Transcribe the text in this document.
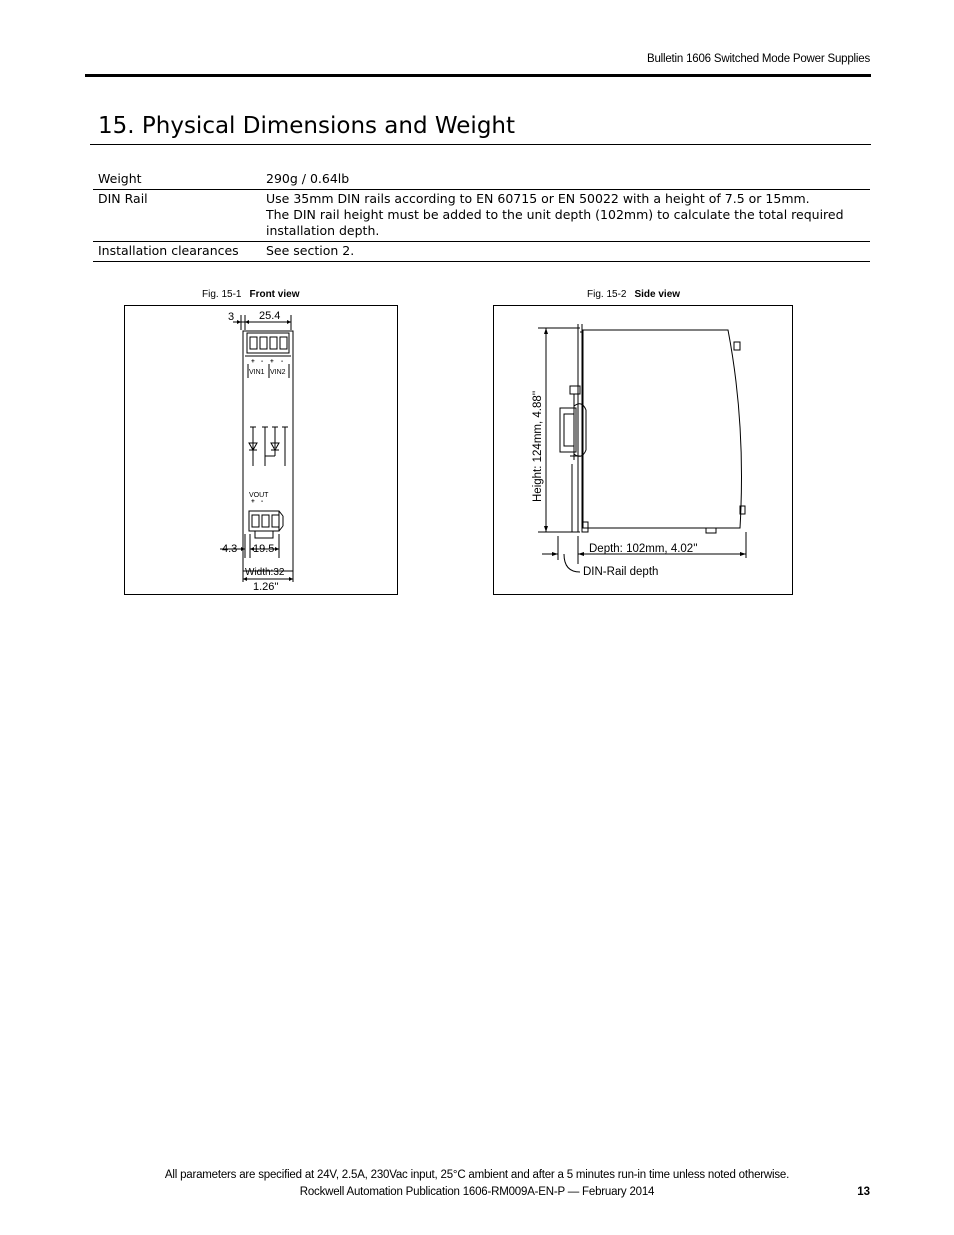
Bulletin 1606 Switched Mode Power Supplies
15. Physical Dimensions and Weight
Weight	290g / 0.64lb

DIN Rail	Use 35mm DIN rails according to EN 60715 or EN 50022 with a height of 7.5 or 15mm.
The DIN rail height must be added to the unit depth (102mm) to calculate the total required installation depth.

Installation clearances	See section 2.
Fig. 15-1 Front view
+ - + -
+ -
3 25.4
VIN1 VIN2
VOUT
4.3 19.5
Width:32
1.26''
Fig. 15-2 Side view
Height: 124mm, 4.88''
Depth: 102mm, 4.02''
DIN-Rail depth
All parameters are specified at 24V, 2.5A, 230Vac input, 25°C ambient and after a 5 minutes run-in time unless noted otherwise.
Rockwell Automation Publication 1606-RM009A-EN-P — February 2014	13
